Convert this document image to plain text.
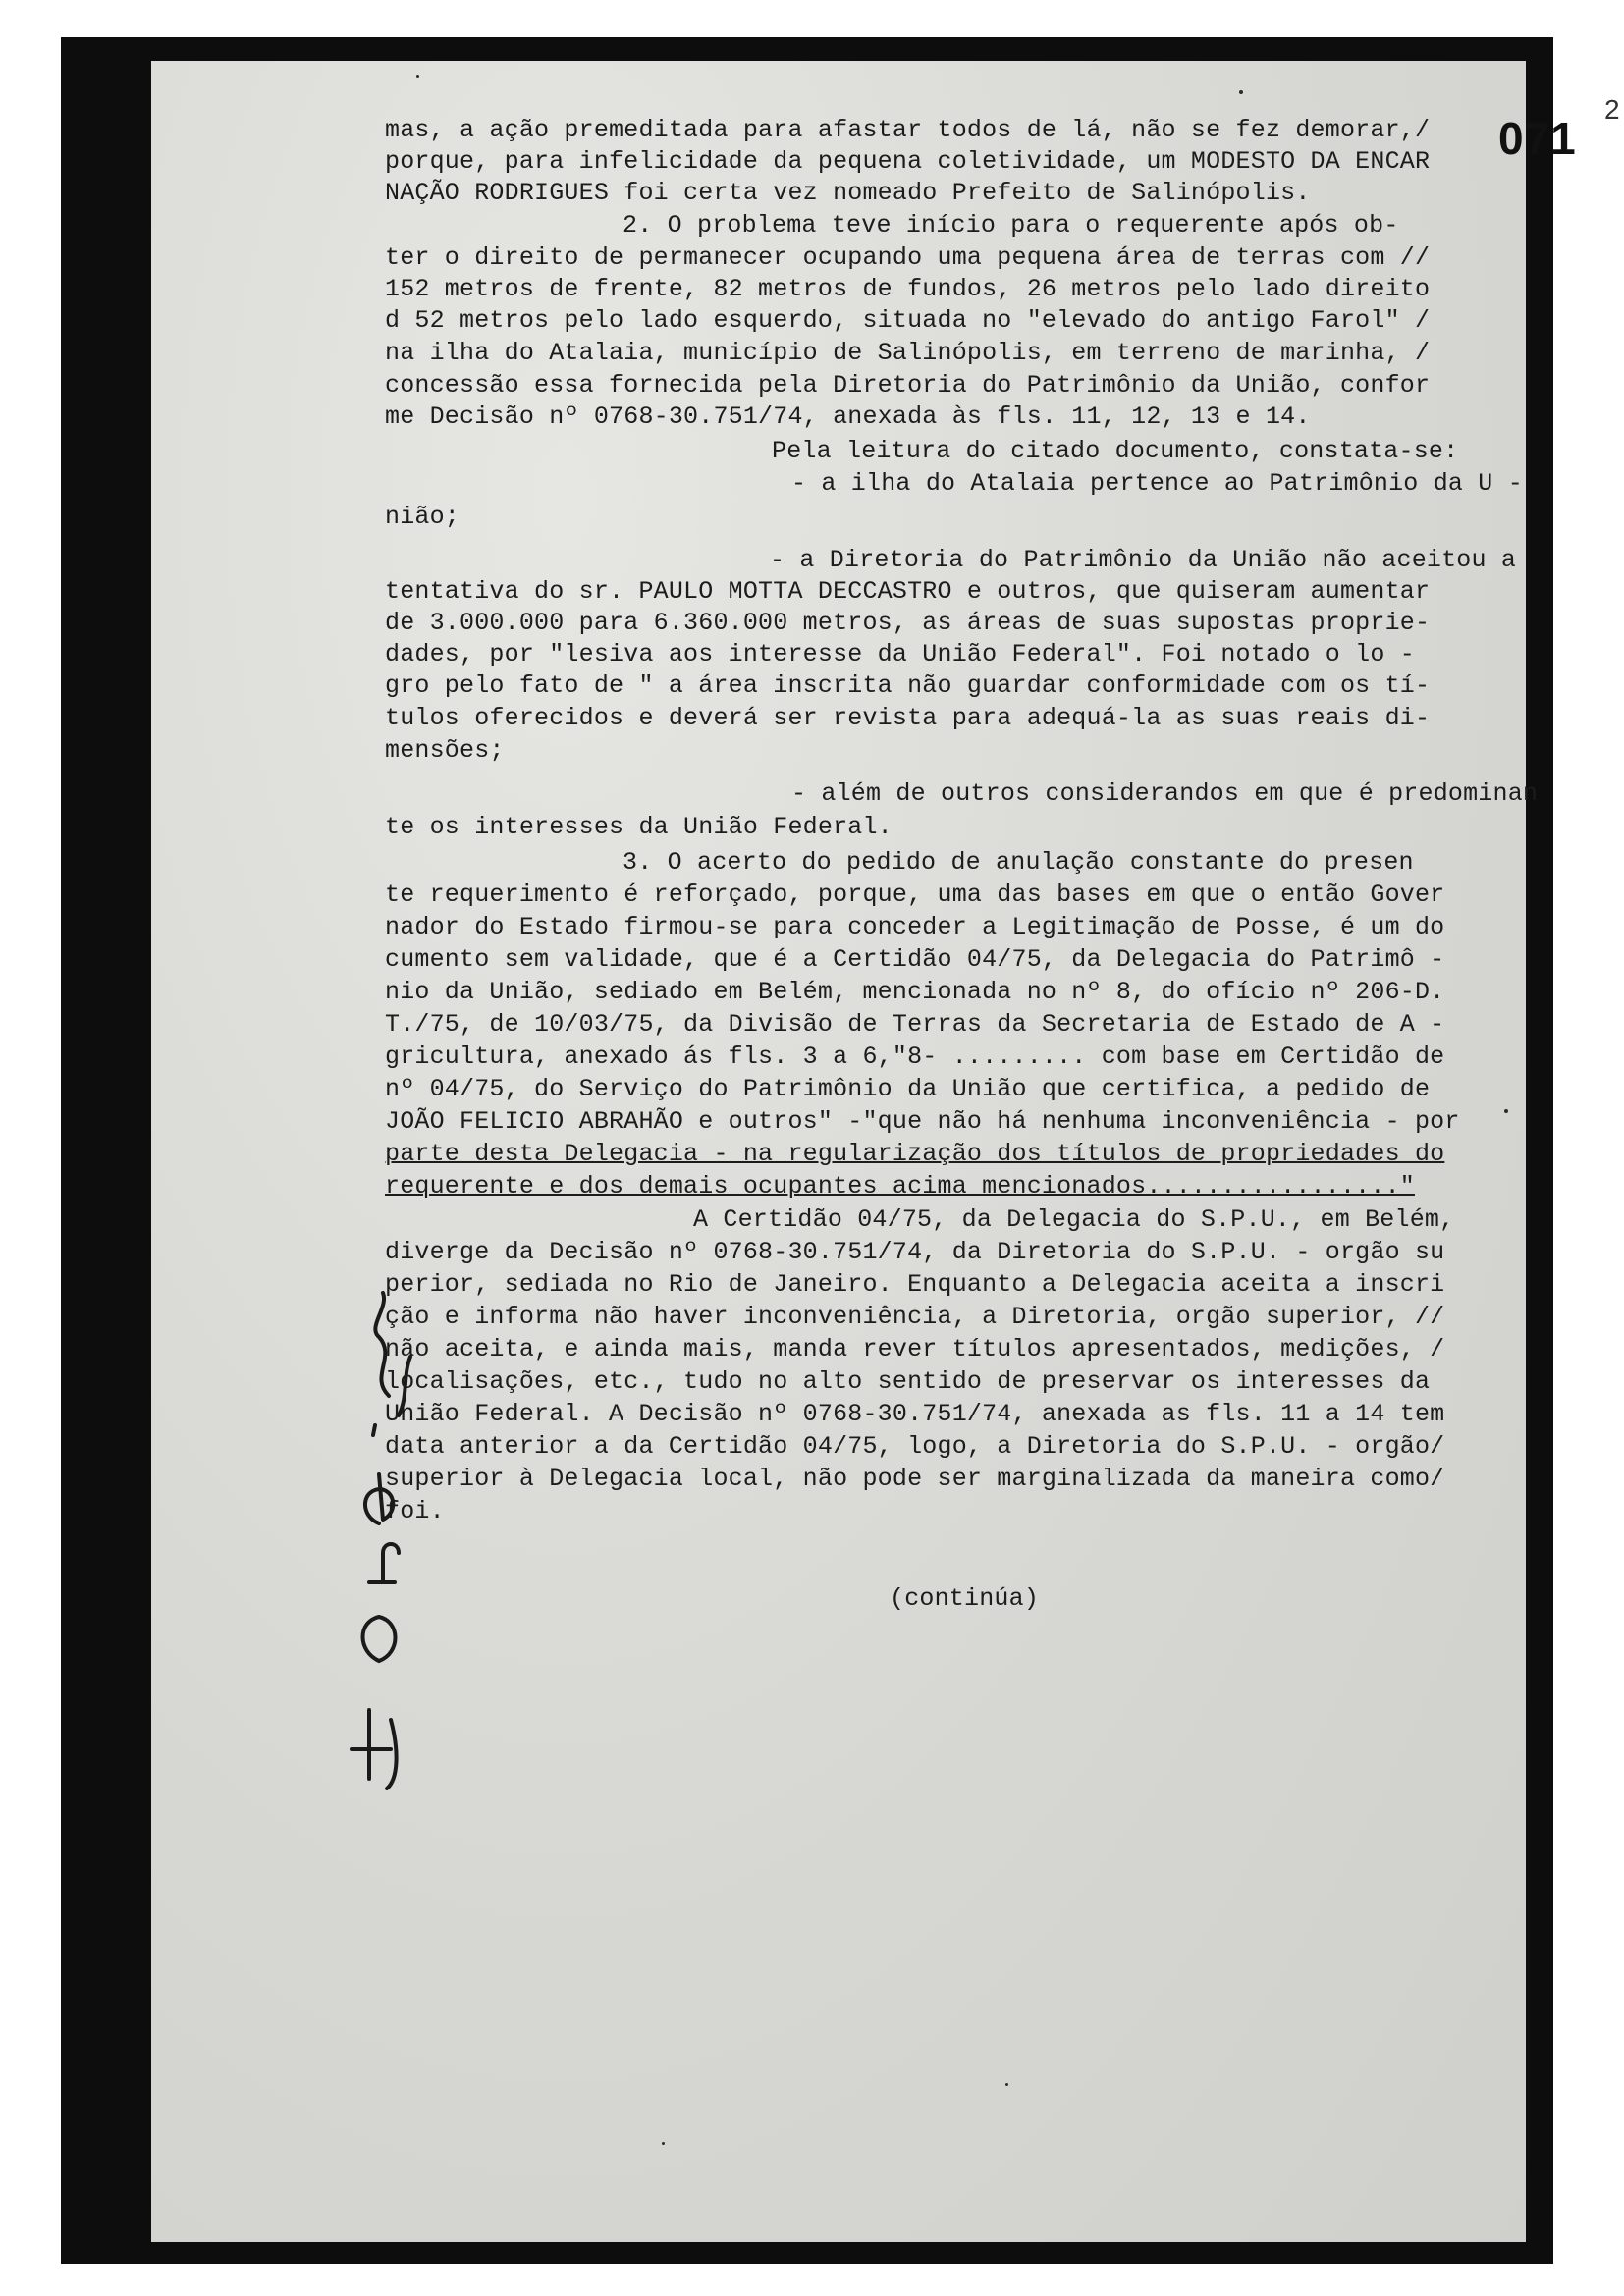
071
2
mas, a ação premeditada para afastar todos de lá, não se fez demorar,/
porque, para infelicidade da pequena coletividade, um MODESTO DA ENCAR
NAÇÃO RODRIGUES foi certa vez nomeado Prefeito de Salinópolis.
2. O problema teve início para o requerente após ob-
ter o direito de permanecer ocupando uma pequena área de terras com //
152 metros de frente, 82 metros de fundos, 26 metros pelo lado direito
d 52 metros pelo lado esquerdo, situada no "elevado do antigo Farol" /
na ilha do Atalaia, município de Salinópolis, em terreno de marinha, /
concessão essa fornecida pela Diretoria do Patrimônio da União, confor
me Decisão nº 0768-30.751/74, anexada às fls. 11, 12, 13 e 14.
Pela leitura do citado documento, constata-se:
- a ilha do Atalaia pertence ao Patrimônio da U -
nião;
- a Diretoria do Patrimônio da União não aceitou a
tentativa do sr. PAULO MOTTA DECCASTRO e outros, que quiseram aumentar
de 3.000.000 para 6.360.000 metros, as áreas de suas supostas proprie-
dades, por "lesiva aos interesse da União Federal". Foi notado o lo -
gro pelo fato de " a área inscrita não guardar conformidade com os tí-
tulos oferecidos e deverá ser revista para adequá-la as suas reais di-
mensões;
- além de outros considerandos em que é predominan
te os interesses da União Federal.
3. O acerto do pedido de anulação constante do presen
te requerimento é reforçado, porque, uma das bases em que o então Gover
nador do Estado firmou-se para conceder a Legitimação de Posse, é um do
cumento sem validade, que é a Certidão 04/75, da Delegacia do Patrimô -
nio da União, sediado em Belém, mencionada no nº 8, do ofício nº 206-D.
T./75, de 10/03/75, da Divisão de Terras da Secretaria de Estado de A -
gricultura, anexado ás fls. 3 a 6,"8- ......... com base em Certidão de
nº 04/75, do Serviço do Patrimônio da União que certifica, a pedido de
JOÃO FELICIO ABRAHÃO e outros" -"que não há nenhuma inconveniência - por
parte desta Delegacia - na regularização dos títulos de propriedades do
requerente e dos demais ocupantes acima mencionados................."
A Certidão 04/75, da Delegacia do S.P.U., em Belém,
diverge da Decisão nº 0768-30.751/74, da Diretoria do S.P.U. - orgão su
perior, sediada no Rio de Janeiro. Enquanto a Delegacia aceita a inscri
ção e informa não haver inconveniência, a Diretoria, orgão superior, //
não aceita, e ainda mais, manda rever títulos apresentados, medições, /
localisações, etc., tudo no alto sentido de preservar os interesses da
União Federal. A Decisão nº 0768-30.751/74, anexada as fls. 11 a 14 tem
data anterior a da Certidão 04/75, logo, a Diretoria do S.P.U. - orgão/
superior à Delegacia local, não pode ser marginalizada da maneira como/
foi.
(continúa)
